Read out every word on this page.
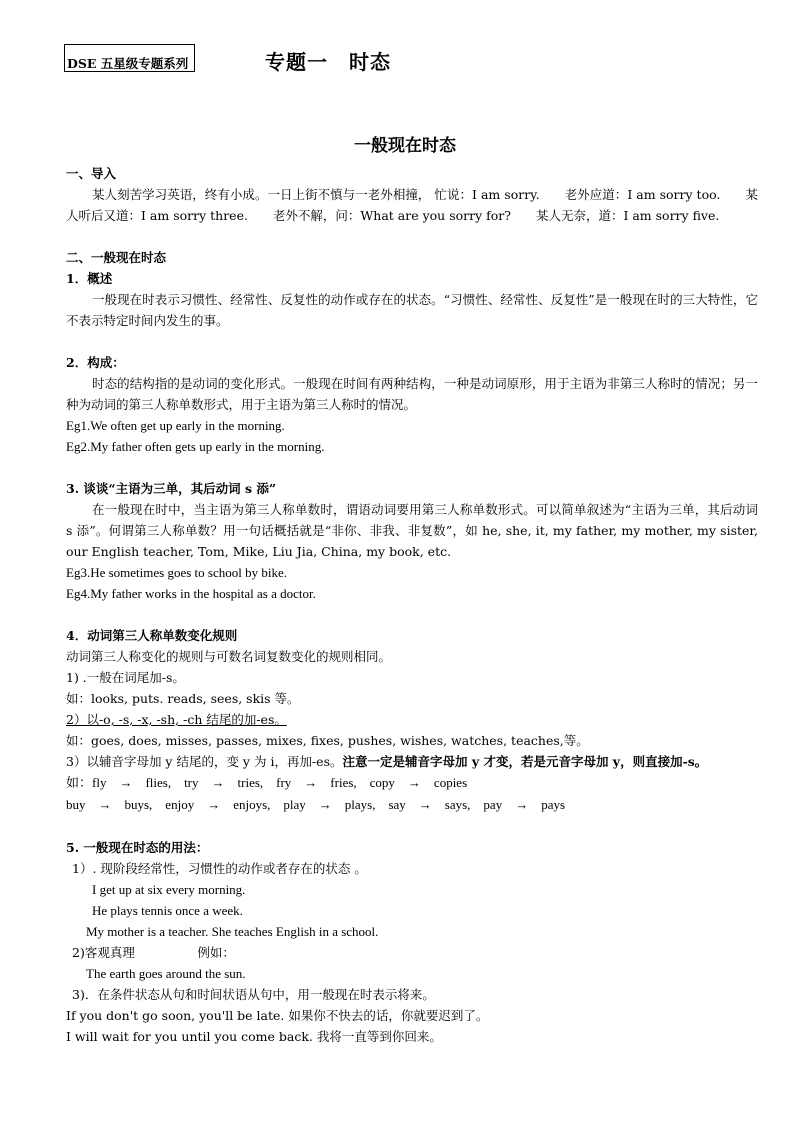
DSE 五星级专题系列	专题一　时态
一般现在时态

一、导入

某人刻苦学习英语，终有小成。一日上街不慎与一老外相撞， 忙说：I am sorry.　　老外应道：I am sorry too.　　某人听后又道：I am sorry three.　　老外不解，问：What are you sorry for?　　某人无奈，道：I am sorry five.

二、一般现在时态

1．概述

一般现在时表示习惯性、经常性、反复性的动作或存在的状态。“习惯性、经常性、反复性”是一般现在时的三大特性，它不表示特定时间内发生的事。

2．构成：

时态的结构指的是动词的变化形式。一般现在时间有两种结构，一种是动词原形，用于主语为非第三人称时的情况；另一种为动词的第三人称单数形式，用于主语为第三人称时的情况。

Eg1.We often get up early in the morning.

Eg2.My father often gets up early in the morning.

3. 谈谈“主语为三单，其后动词 s 添”

在一般现在时中，当主语为第三人称单数时，谓语动词要用第三人称单数形式。可以简单叙述为“主语为三单，其后动词 s 添”。何谓第三人称单数？用一句话概括就是“非你、非我、非复数”，如 he, she, it, my father, my mother, my sister, our English teacher, Tom, Mike, Liu Jia, China, my book, etc.

Eg3.He sometimes goes to school by bike.

Eg4.My father works in the hospital as a doctor.

4．动词第三人称单数变化规则

动词第三人称变化的规则与可数名词复数变化的规则相同。

1) .一般在词尾加-s。

如：looks, puts. reads, sees, skis 等。

2）以-o, -s, -x, -sh, -ch 结尾的加-es。

如：goes, does, misses, passes, mixes, fixes, pushes, wishes, watches, teaches,等。

3）以辅音字母加 y 结尾的，变 y 为 i，再加-es。注意一定是辅音字母加 y 才变，若是元音字母加 y，则直接加-s。

如：fly　→　flies,　try　→　tries,　fry　→　fries,　copy　→　copies

buy　→　buys,　enjoy　→　enjoys,　play　→　plays,　say　→　says,　pay　→　pays

5. 一般现在时态的用法：

1）. 现阶段经常性，习惯性的动作或者存在的状态 。

I get up at six every morning.

He plays tennis once a week.

My mother is a teacher. She teaches English in a school.

2)客观真理　　　　　例如：

The earth goes around the sun.

3)．在条件状态从句和时间状语从句中，用一般现在时表示将来。

If you don't go soon, you'll be late. 如果你不快去的话，你就要迟到了。

I will wait for you until you come back. 我将一直等到你回来。
